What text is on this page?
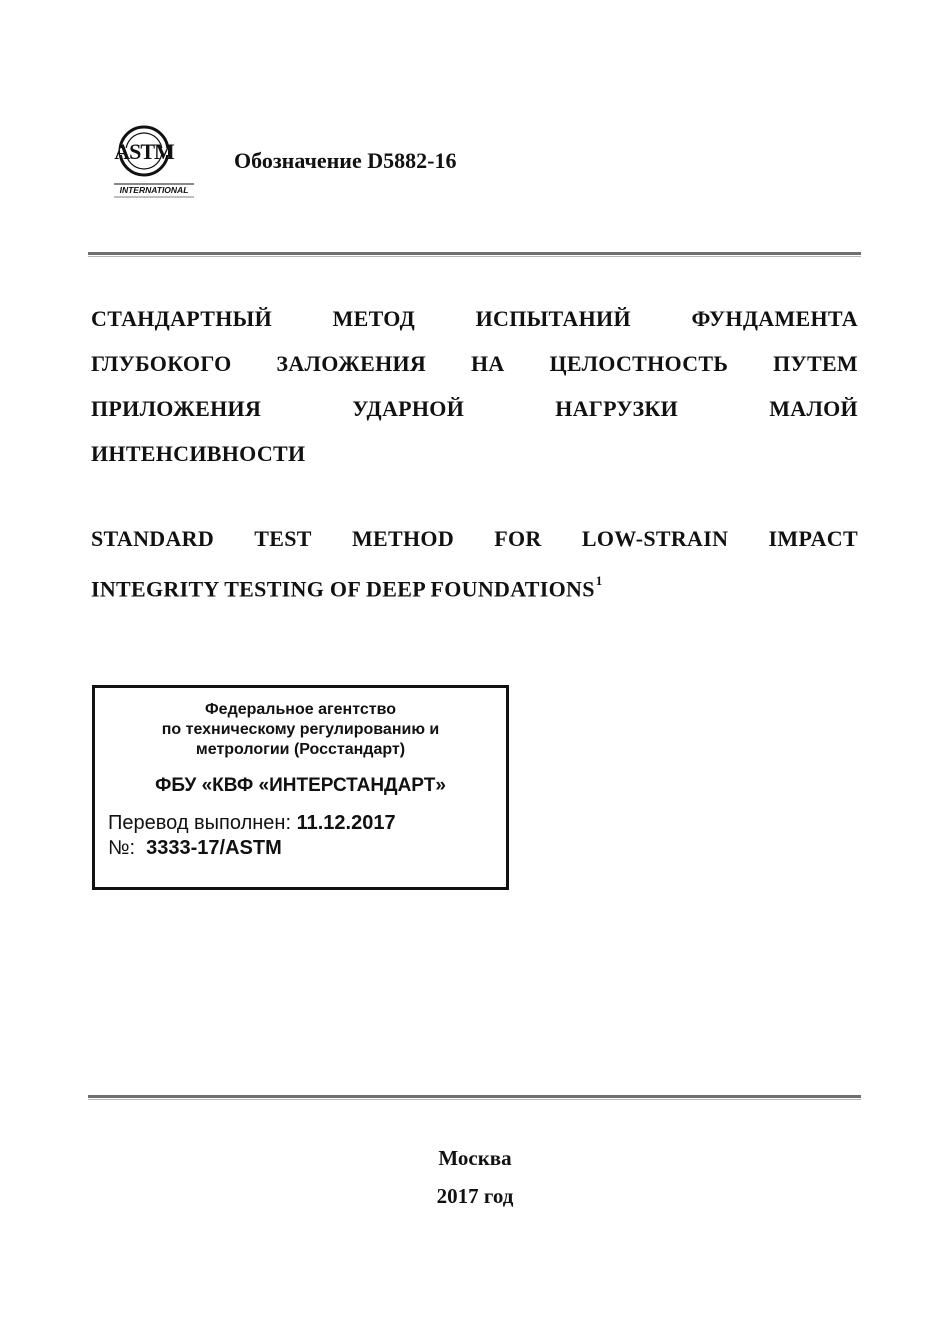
ASTM
INTERNATIONAL
Обозначение D5882-16
СТАНДАРТНЫЙ	МЕТОД	ИСПЫТАНИЙ	ФУНДАМЕНТА
ГЛУБОКОГО ЗАЛОЖЕНИЯ НА ЦЕЛОСТНОСТЬ ПУТЕМ
ПРИЛОЖЕНИЯ	УДАРНОЙ	НАГРУЗКИ	МАЛОЙ
ИНТЕНСИВНОСТИ
STANDARD TEST METHOD FOR LOW-STRAIN IMPACT
INTEGRITY TESTING OF DEEP FOUNDATIONS$^1$
Федеральное агентство
по техническому регулированию и
метрологии (Росстандарт)
ФБУ «КВФ «ИНТЕРСТАНДАРТ»
Перевод выполнен: 11.12.2017
№: 3333-17/ASTM
Москва
2017 год
